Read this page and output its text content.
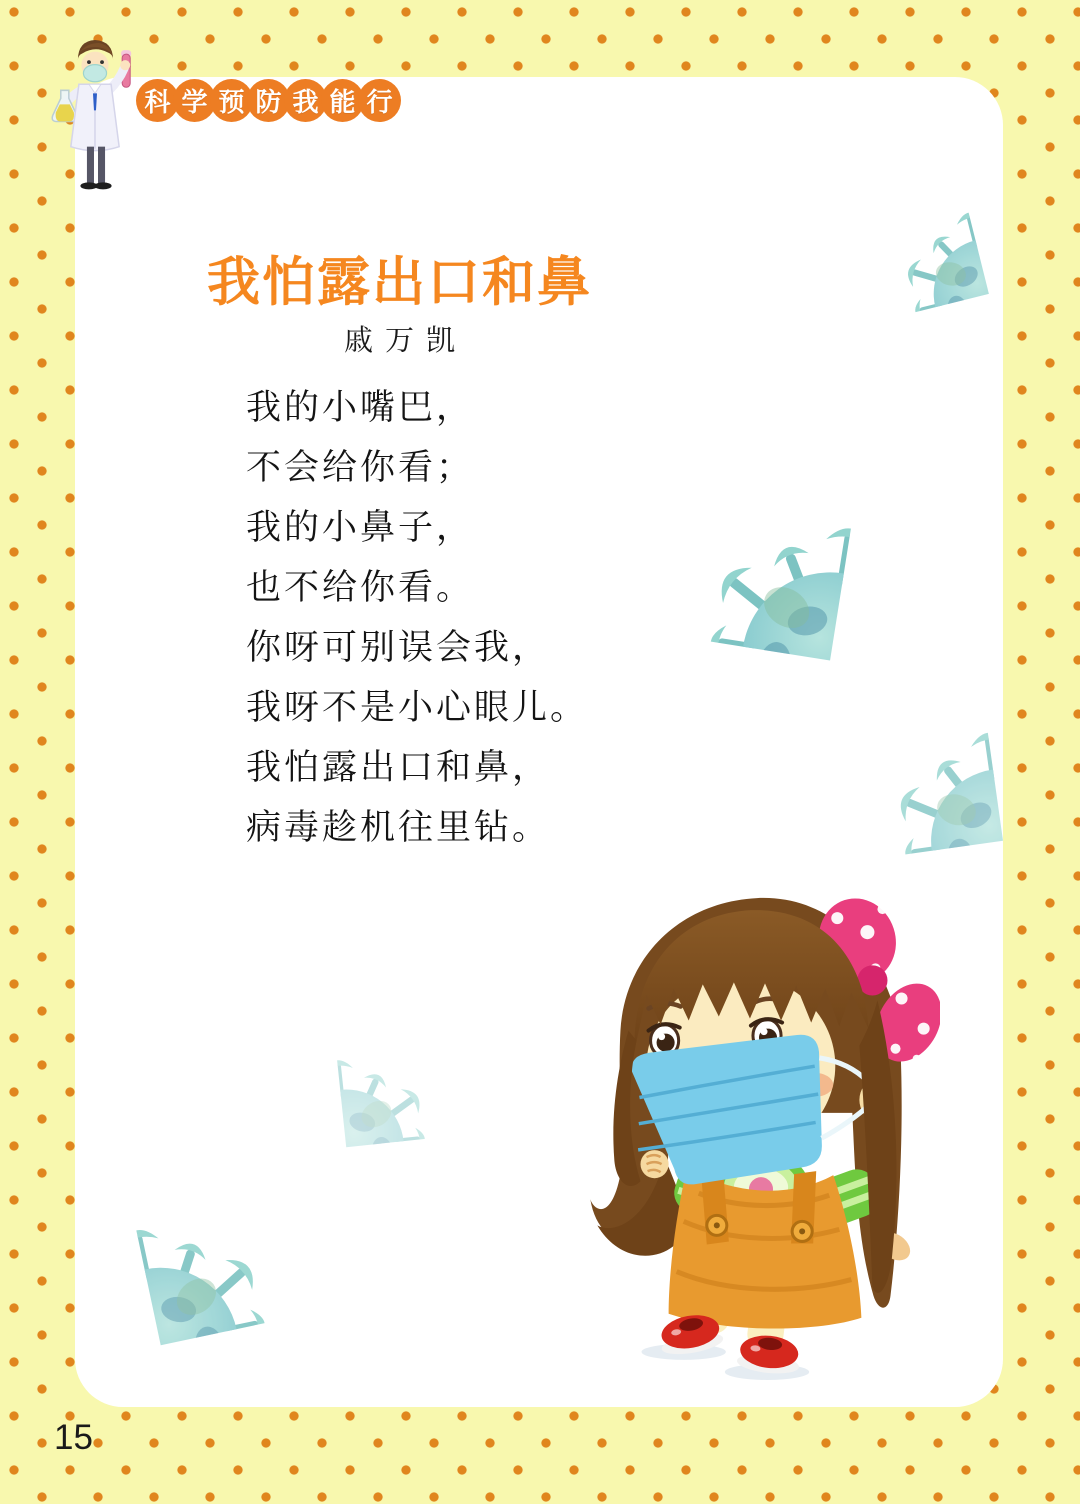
科 学 预 防 我 能 行
我怕露出口和鼻
戚万凯
我的小嘴巴，
不会给你看；
我的小鼻子，
也不给你看。
你呀可别误会我，
我呀不是小心眼儿。
我怕露出口和鼻，
病毒趁机往里钻。
15
